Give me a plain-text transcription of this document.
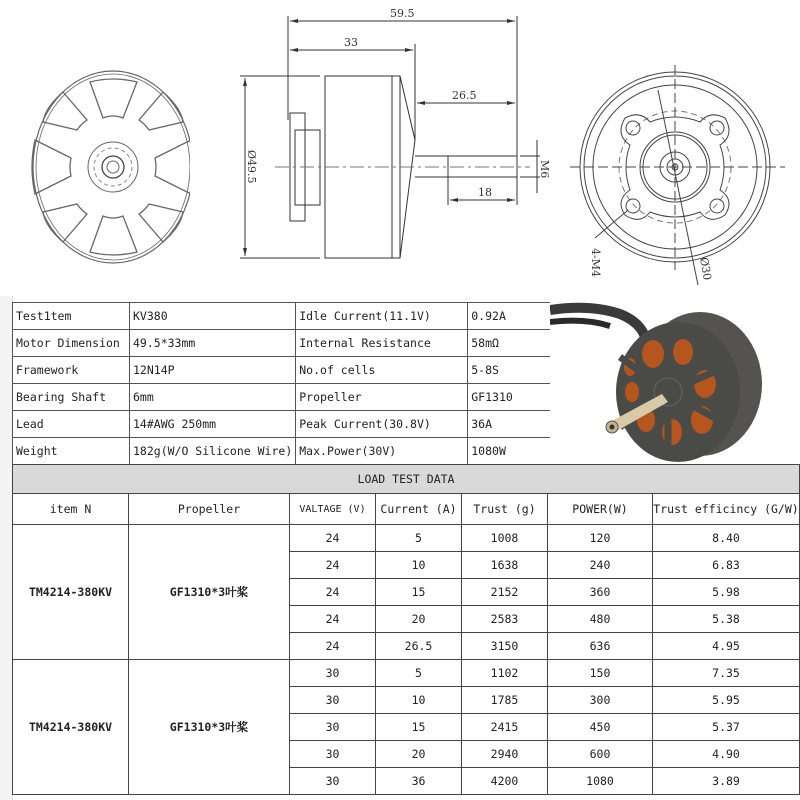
59.5
33
26.5
18
Ø49.5	M6
4-M4	Ø30
Test1tem	KV380	Idle Current(11.1V)	0.92A
Motor Dimension	49.5*33mm	Internal Resistance	58mΩ
Framework	12N14P	No.of cells	5-8S
Bearing Shaft	6mm	Propeller	GF1310
Lead	14#AWG 250mm	Peak Current(30.8V)	36A
Weight	182g(W/O Silicone Wire)	Max.Power(30V)	1080W
LOAD TEST DATA						
item N	Propeller	VALTAGE (V)	Current (A)	Trust (g)	POWER(W)	Trust efficincy (G/W)
TM4214-380KV	GF1310*3叶桨	24	5	1008	120	8.40
		24	10	1638	240	6.83
		24	15	2152	360	5.98
		24	20	2583	480	5.38
		24	26.5	3150	636	4.95
TM4214-380KV	GF1310*3叶桨	30	5	1102	150	7.35
		30	10	1785	300	5.95
		30	15	2415	450	5.37
		30	20	2940	600	4.90
		30	36	4200	1080	3.89
